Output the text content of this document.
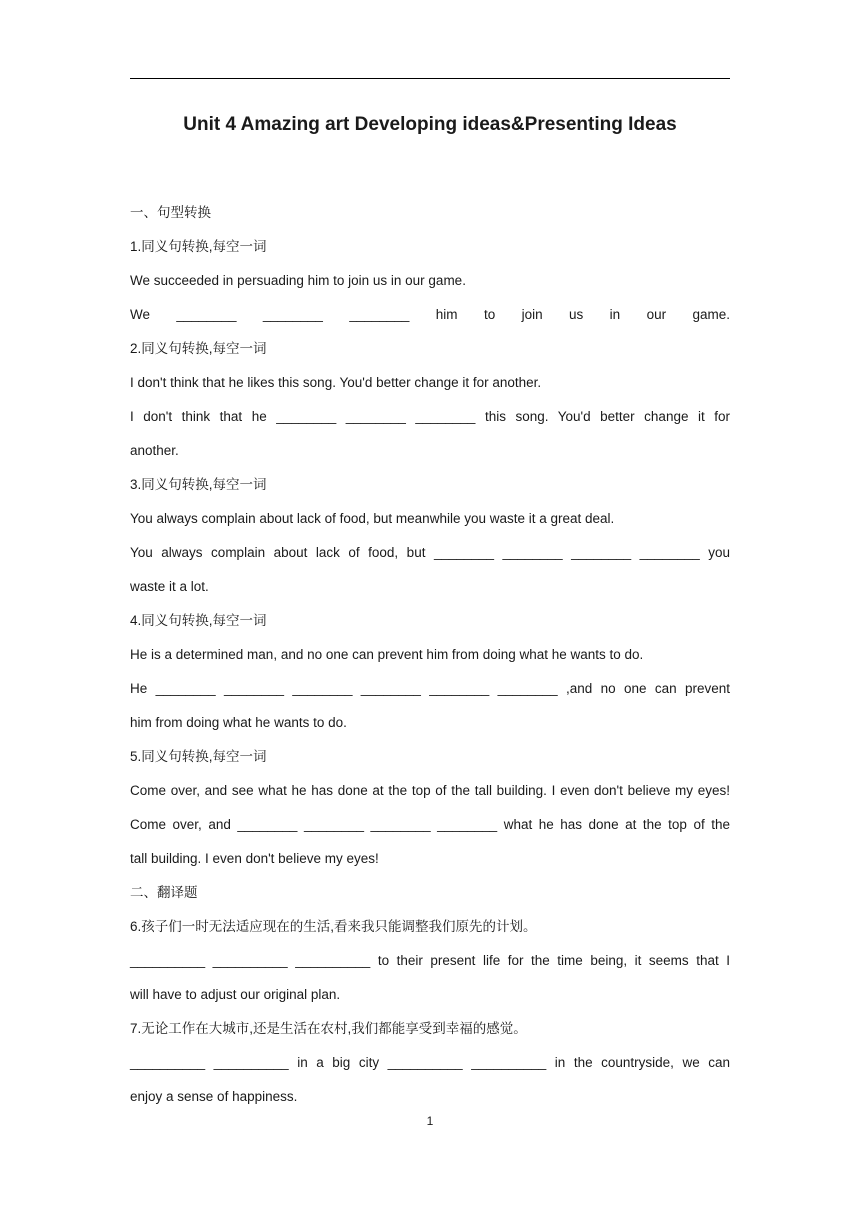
Unit 4 Amazing art Developing ideas&Presenting Ideas
一、句型转换
1.同义句转换,每空一词
We succeeded in persuading him to join us in our game.
We ________ ________ ________ him to join us in our game.
2.同义句转换,每空一词
I don't think that he likes this song. You'd better change it for another.
I don't think that he ________ ________ ________ this song. You'd better change it for
another.
3.同义句转换,每空一词
You always complain about lack of food, but meanwhile you waste it a great deal.
You always complain about lack of food, but ________ ________ ________ ________ you
waste it a lot.
4.同义句转换,每空一词
He is a determined man, and no one can prevent him from doing what he wants to do.
He ________ ________ ________ ________ ________ ________ ,and no one can prevent
him from doing what he wants to do.
5.同义句转换,每空一词
Come over, and see what he has done at the top of the tall building. I even don't believe my eyes!
Come over, and ________ ________ ________ ________ what he has done at the top of the
tall building. I even don't believe my eyes!
二、翻译题
6.孩子们一时无法适应现在的生活,看来我只能调整我们原先的计划。
__________ __________ __________ to their present life for the time being, it seems that I
will have to adjust our original plan.
7.无论工作在大城市,还是生活在农村,我们都能享受到幸福的感觉。
__________ __________ in a big city __________ __________ in the countryside, we can
enjoy a sense of happiness.
1
